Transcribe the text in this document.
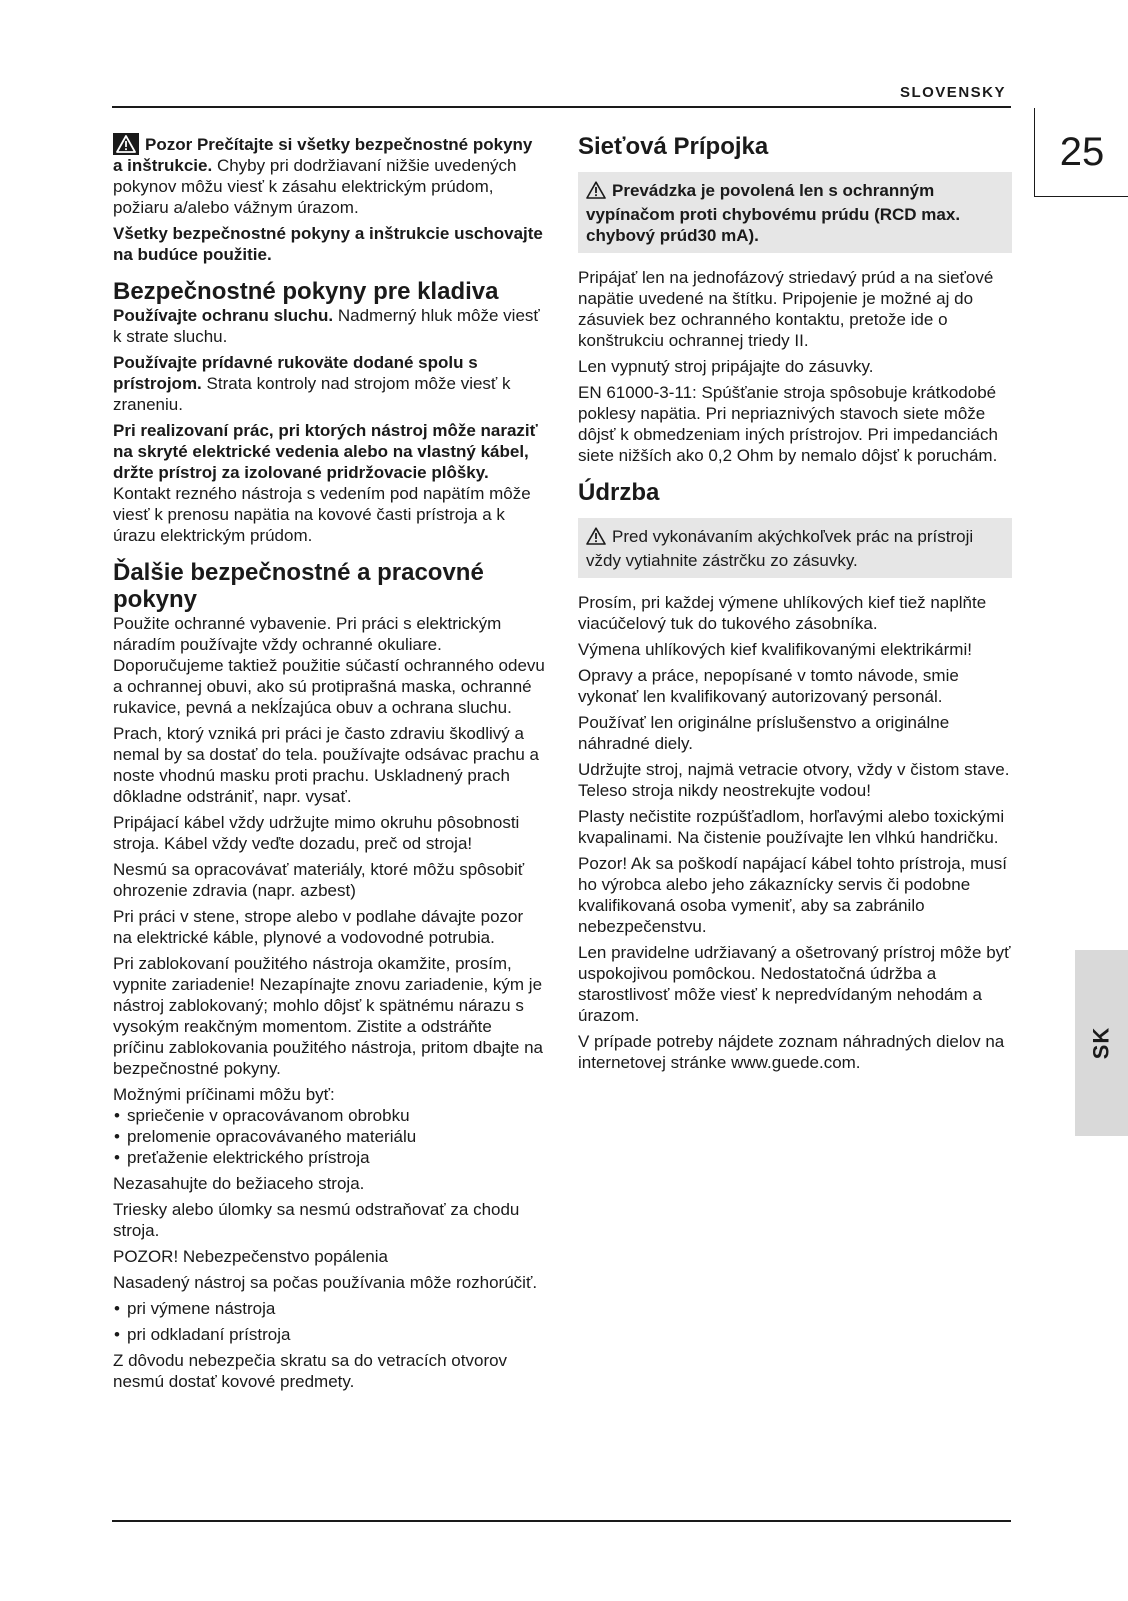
SLOVENSKY
25
SK

Pozor Prečítajte si všetky bezpečnostné pokyny a inštrukcie. Chyby pri dodržiavaní nižšie uvedených pokynov môžu viesť k zásahu elektrickým prúdom, požiaru a/alebo vážnym úrazom.

Všetky bezpečnostné pokyny a inštrukcie uschovajte na budúce použitie.

Bezpečnostné pokyny pre kladiva

Používajte ochranu sluchu. Nadmerný hluk môže viesť k strate sluchu.

Používajte prídavné rukoväte dodané spolu s prístrojom. Strata kontroly nad strojom môže viesť k zraneniu.

Pri realizovaní prác, pri ktorých nástroj môže naraziť na skryté elektrické vedenia alebo na vlastný kábel, držte prístroj za izolované pridržovacie plôšky. Kontakt rezného nástroja s vedením pod napätím môže viesť k prenosu napätia na kovové časti prístroja a k úrazu elektrickým prúdom.

Ďalšie bezpečnostné a pracovné pokyny

Použite ochranné vybavenie. Pri práci s elektrickým náradím používajte vždy ochranné okuliare. Doporučujeme taktiež použitie súčastí ochranného odevu a ochrannej obuvi, ako sú protiprašná maska, ochranné rukavice, pevná a nekĺzajúca obuv a ochrana sluchu.

Prach, ktorý vzniká pri práci je často zdraviu škodlivý a nemal by sa dostať do tela. používajte odsávac prachu a noste vhodnú masku proti prachu. Uskladnený prach dôkladne odstrániť, napr. vysať.

Pripájací kábel vždy udržujte mimo okruhu pôsobnosti stroja. Kábel vždy veďte dozadu, preč od stroja!

Nesmú sa opracovávať materiály, ktoré môžu spôsobiť ohrozenie zdravia (napr. azbest)

Pri práci v stene, strope alebo v podlahe dávajte pozor na elektrické káble, plynové a vodovodné potrubia.

Pri zablokovaní použitého nástroja okamžite, prosím, vypnite zariadenie! Nezapínajte znovu zariadenie, kým je nástroj zablokovaný; mohlo dôjsť k spätnému nárazu s vysokým reakčným momentom. Zistite a odstráňte príčinu zablokovania použitého nástroja, pritom dbajte na bezpečnostné pokyny.

Možnými príčinami môžu byť:

• spriečenie v opracovávanom obrobku
• prelomenie opracovávaného materiálu
• preťaženie elektrického prístroja

Nezasahujte do bežiaceho stroja.

Triesky alebo úlomky sa nesmú odstraňovať za chodu stroja.

POZOR! Nebezpečenstvo popálenia

Nasadený nástroj sa počas používania môže rozhorúčiť.

• pri výmene nástroja
• pri odkladaní prístroja

Z dôvodu nebezpečia skratu sa do vetracích otvorov nesmú dostať kovové predmety.

Sieťová Prípojka
Prevádzka je povolená len s ochranným vypínačom proti chybovému prúdu (RCD max. chybový prúd30 mA).

Pripájať len na jednofázový striedavý prúd a na sieťové napätie uvedené na štítku. Pripojenie je možné aj do zásuviek bez ochranného kontaktu, pretože ide o konštrukciu ochrannej triedy II.

Len vypnutý stroj pripájajte do zásuvky.

EN 61000-3-11: Spúšťanie stroja spôsobuje krátkodobé poklesy napätia. Pri nepriaznivých stavoch siete môže dôjsť k obmedzeniam iných prístrojov. Pri impedanciách siete nižších ako 0,2 Ohm by nemalo dôjsť k poruchám.

Údrzba
Pred vykonávaním akýchkoľvek prác na prístroji vždy vytiahnite zástrčku zo zásuvky.

Prosím, pri každej výmene uhlíkových kief tiež naplňte viacúčelový tuk do tukového zásobníka.

Výmena uhlíkových kief kvalifikovanými elektrikármi!

Opravy a práce, nepopísané v tomto návode, smie vykonať len kvalifikovaný autorizovaný personál.

Používať len originálne príslušenstvo a originálne náhradné diely.

Udržujte stroj, najmä vetracie otvory, vždy v čistom stave. Teleso stroja nikdy neostrekujte vodou!

Plasty nečistite rozpúšťadlom, horľavými alebo toxickými kvapalinami. Na čistenie používajte len vlhkú handričku.

Pozor! Ak sa poškodí napájací kábel tohto prístroja, musí ho výrobca alebo jeho zákaznícky servis či podobne kvalifikovaná osoba vymeniť, aby sa zabránilo nebezpečenstvu.

Len pravidelne udržiavaný a ošetrovaný prístroj môže byť uspokojivou pomôckou. Nedostatočná údržba a starostlivosť môže viesť k nepredvídaným nehodám a úrazom.

V prípade potreby nájdete zoznam náhradných dielov na internetovej stránke www.guede.com.
